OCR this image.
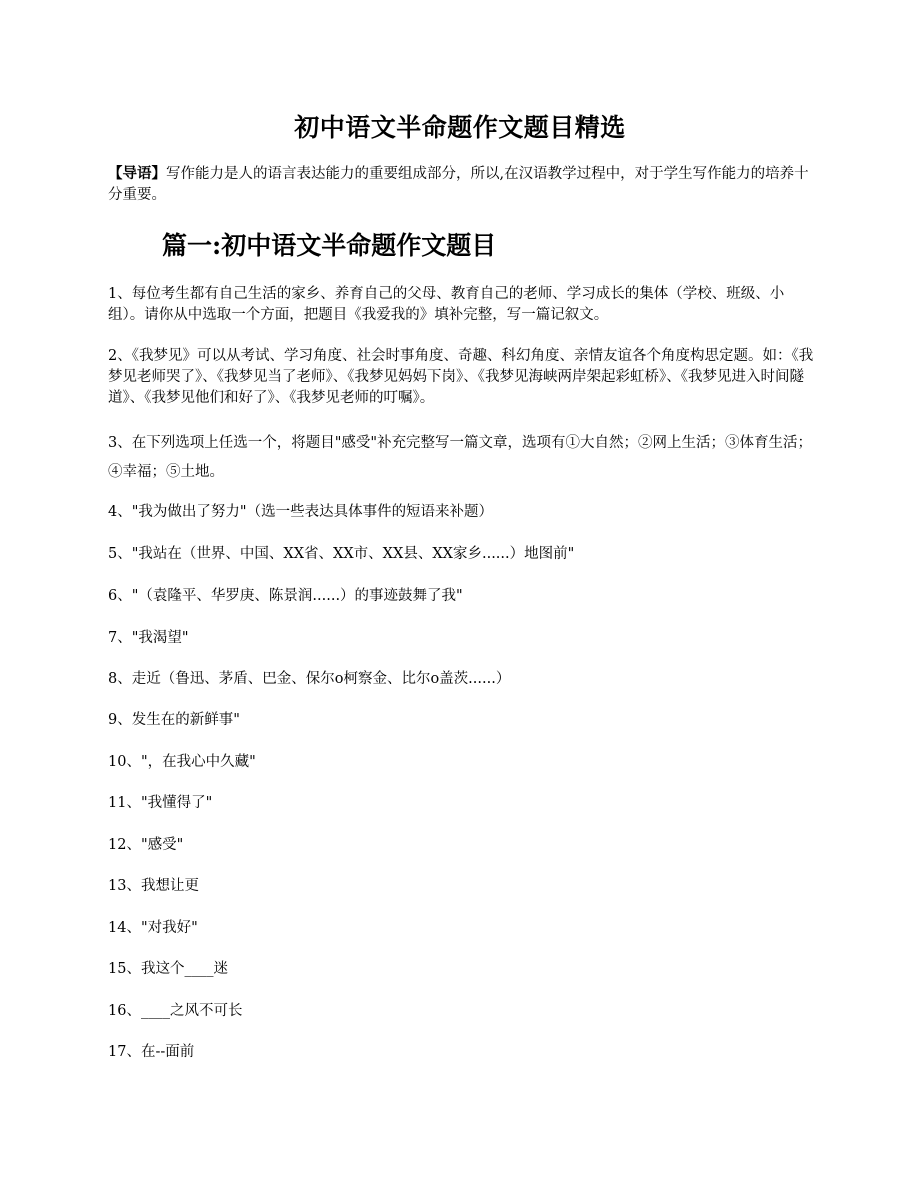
初中语文半命题作文题目精选
【导语】写作能力是人的语言表达能力的重要组成部分，所以,在汉语教学过程中，对于学生写作能力的培养十分重要。
篇一:初中语文半命题作文题目
1、每位考生都有自己生活的家乡、养育自己的父母、教育自己的老师、学习成长的集体（学校、班级、小组）。请你从中选取一个方面，把题目《我爱我的》填补完整，写一篇记叙文。
2、《我梦见》可以从考试、学习角度、社会时事角度、奇趣、科幻角度、亲情友谊各个角度构思定题。如：《我梦见老师哭了》、《我梦见当了老师》、《我梦见妈妈下岗》、《我梦见海峡两岸架起彩虹桥》、《我梦见进入时间隧道》、《我梦见他们和好了》、《我梦见老师的叮嘱》。
3、在下列选项上任选一个，将题目"感受"补充完整写一篇文章，选项有①大自然；②网上生活；③体育生活；④幸福；⑤土地。
4、"我为做出了努力"（选一些表达具体事件的短语来补题）
5、"我站在（世界、中国、XX省、XX市、XX县、XX家乡......）地图前"
6、"（袁隆平、华罗庚、陈景润......）的事迹鼓舞了我"
7、"我渴望"
8、走近（鲁迅、茅盾、巴金、保尔o柯察金、比尔o盖茨......）
9、发生在的新鲜事"
10、"，在我心中久藏"
11、"我懂得了"
12、"感受"
13、我想让更
14、"对我好"
15、我这个____迷
16、____之风不可长
17、在--面前
